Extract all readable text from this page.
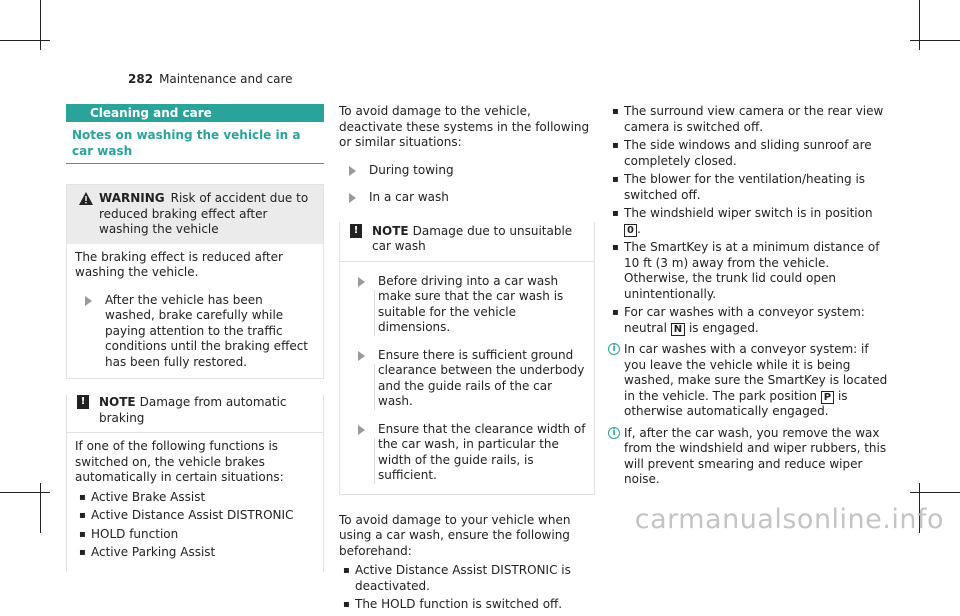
282 Maintenance and care
Cleaning and care
Notes on washing the vehicle in a car wash
WARNING Risk of accident due to reduced braking effect after washing the vehicle
The braking effect is reduced after washing the vehicle.
After the vehicle has been washed, brake carefully while paying attention to the traffic conditions until the braking effect has been fully restored.
!	NOTE Damage from automatic braking
If one of the following functions is switched on, the vehicle brakes automatically in certain situations:
▪ Active Brake Assist
▪ Active Distance Assist DISTRONIC
▪ HOLD function
▪ Active Parking Assist
To avoid damage to the vehicle, deactivate these systems in the following or similar situations:
During towing
In a car wash
!	NOTE Damage due to unsuitable car wash
Before driving into a car wash make sure that the car wash is suitable for the vehicle dimensions.
Ensure there is sufficient ground clearance between the underbody and the guide rails of the car wash.
Ensure that the clearance width of the car wash, in particular the width of the guide rails, is sufficient.
To avoid damage to your vehicle when using a car wash, ensure the following beforehand:
▪ Active Distance Assist DISTRONIC is deactivated.
▪ The HOLD function is switched off.
▪ The surround view camera or the rear view camera is switched off.
▪ The side windows and sliding sunroof are completely closed.
▪ The blower for the ventilation/heating is switched off.
▪ The windshield wiper switch is in position 0 .
▪ The SmartKey is at a minimum distance of 10 ft (3 m) away from the vehicle. Otherwise, the trunk lid could open unintentionally.
▪ For car washes with a conveyor system: neutral N is engaged.
i In car washes with a conveyor system: if you leave the vehicle while it is being washed, make sure the SmartKey is located in the vehicle. The park position P is otherwise automatically engaged.
i If, after the car wash, you remove the wax from the windshield and wiper rubbers, this will prevent smearing and reduce wiper noise.
carmanualsonline.info
